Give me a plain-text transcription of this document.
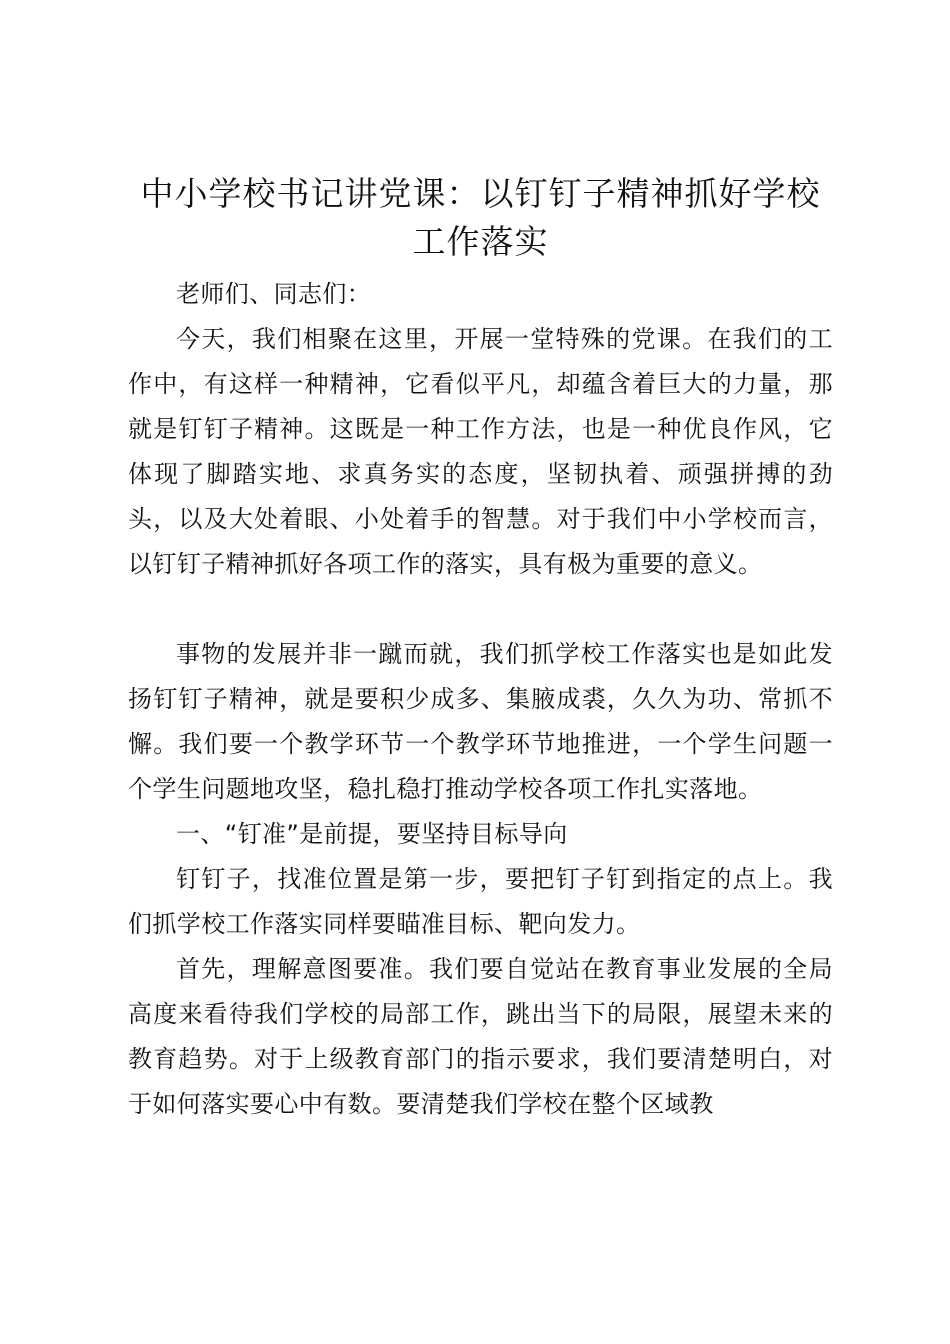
中小学校书记讲党课：以钉钉子精神抓好学校
工作落实

老师们、同志们：

今天，我们相聚在这里，开展一堂特殊的党课。在我们的工作中，有这样一种精神，它看似平凡，却蕴含着巨大的力量，那就是钉钉子精神。这既是一种工作方法，也是一种优良作风，它体现了脚踏实地、求真务实的态度，坚韧执着、顽强拼搏的劲头，以及大处着眼、小处着手的智慧。对于我们中小学校而言，以钉钉子精神抓好各项工作的落实，具有极为重要的意义。

事物的发展并非一蹴而就，我们抓学校工作落实也是如此发扬钉钉子精神，就是要积少成多、集腋成裘，久久为功、常抓不懈。我们要一个教学环节一个教学环节地推进，一个学生问题一个学生问题地攻坚，稳扎稳打推动学校各项工作扎实落地。

一、“钉准”是前提，要坚持目标导向

钉钉子，找准位置是第一步，要把钉子钉到指定的点上。我们抓学校工作落实同样要瞄准目标、靶向发力。

首先，理解意图要准。我们要自觉站在教育事业发展的全局高度来看待我们学校的局部工作，跳出当下的局限，展望未来的教育趋势。对于上级教育部门的指示要求，我们要清楚明白，对于如何落实要心中有数。要清楚我们学校在整个区域教
